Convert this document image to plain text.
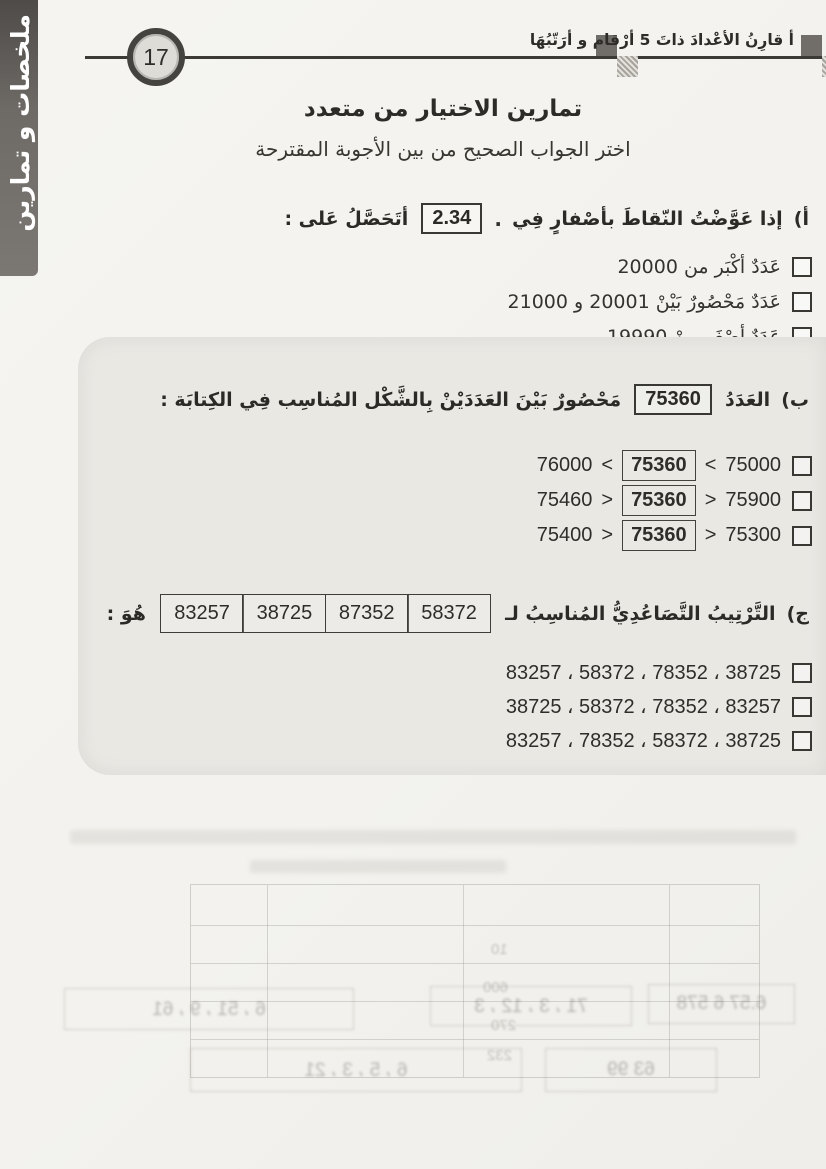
ملخصات و تمارين	17
أ قارِنُ الأعْدادَ ذاتَ 5 أرْقام و أرَتّبُهَا
تمارين الاختيار من متعدد
اختر الجواب الصحيح من بين الأجوبة المقترحة
أ) إذا عَوَّضْتُ النّقاطَ بأصْفارٍ فِي . 2.34 أتَحَصَّلُ عَلى :
عَدَدٌ أكْبَر من 20000
عَدَدٌ مَحْصُورٌ بَيْنْ 20001 و 21000
ب) العَدَدُ 75360 مَحْصُورٌ بَيْنَ العَدَدَيْنْ بِالشَّكْل المُناسِب فِي الكِتابَة :
76000 < 75360 < 75000
75460 > 75360 > 75900
75400 > 75360 > 75300
ج) التَّرْتِيبُ التَّصَاعُدِيُّ المُناسِبُ لـ
83257	38725	87352	58372
هُوَ :
83257 ، 58372 ، 78352 ، 38725
38725 ، 58372 ، 78352 ، 83257
83257 ، 78352 ، 58372 ، 38725
10
600
270
232
6 ، 51 ، 9 ، 61	71 ، 3 ، 12 ، 3	6.57 6 578
6 ، 5 ، 3 ، 21	63 99
